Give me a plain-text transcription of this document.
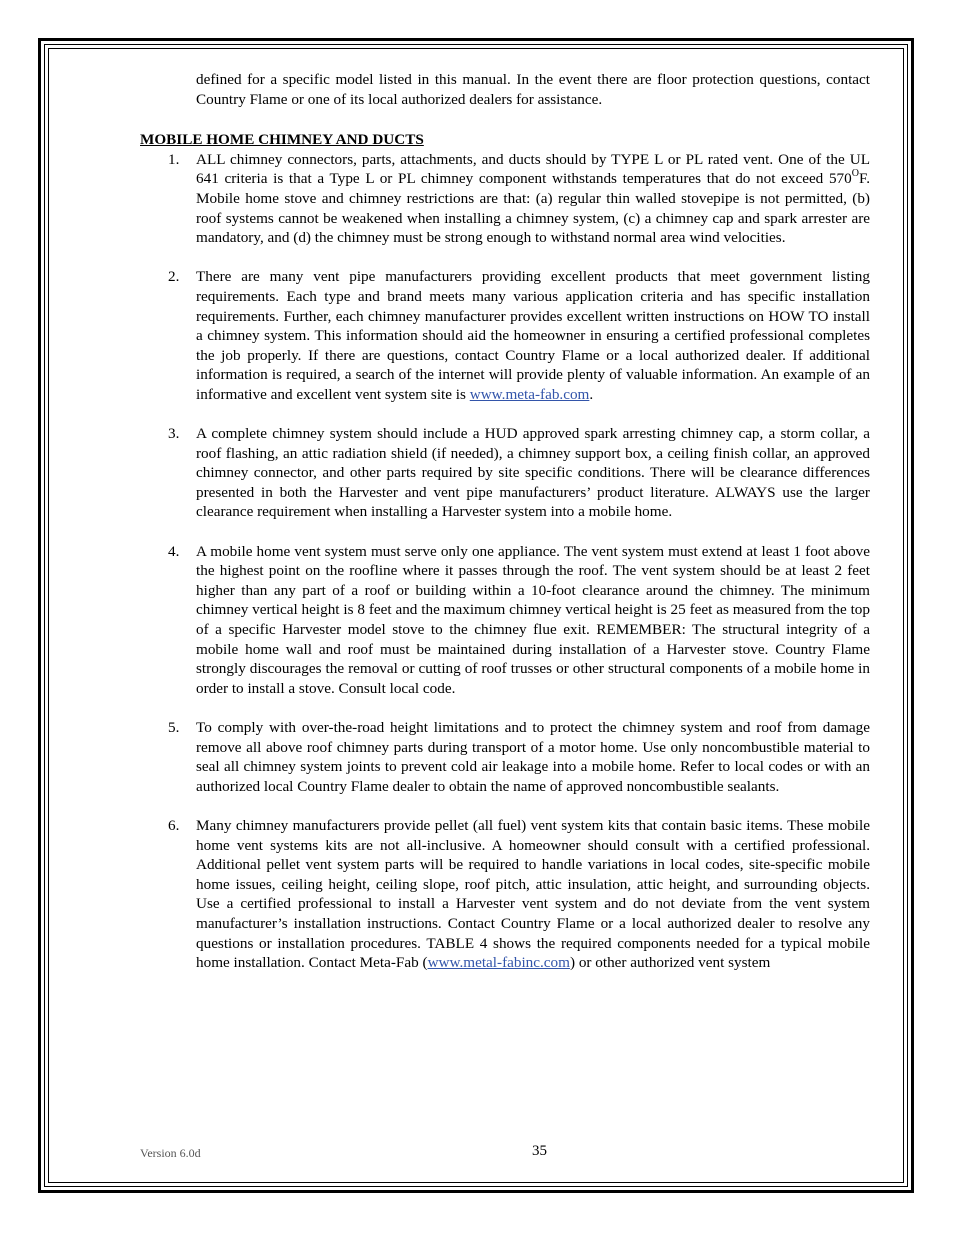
defined for a specific model listed in this manual. In the event there are floor protection questions, contact Country Flame or one of its local authorized dealers for assistance.

MOBILE HOME CHIMNEY AND DUCTS
1. ALL chimney connectors, parts, attachments, and ducts should by TYPE L or PL rated vent. One of the UL 641 criteria is that a Type L or PL chimney component withstands temperatures that do not exceed $570^OF$. Mobile home stove and chimney restrictions are that: (a) regular thin walled stovepipe is not permitted, (b) roof systems cannot be weakened when installing a chimney system, (c) a chimney cap and spark arrester are mandatory, and (d) the chimney must be strong enough to withstand normal area wind velocities.
2. There are many vent pipe manufacturers providing excellent products that meet government listing requirements. Each type and brand meets many various application criteria and has specific installation requirements. Further, each chimney manufacturer provides excellent written instructions on HOW TO install a chimney system. This information should aid the homeowner in ensuring a certified professional completes the job properly. If there are questions, contact Country Flame or a local authorized dealer. If additional information is required, a search of the internet will provide plenty of valuable information. An example of an informative and excellent vent system site is www.meta-fab.com.
3. A complete chimney system should include a HUD approved spark arresting chimney cap, a storm collar, a roof flashing, an attic radiation shield (if needed), a chimney support box, a ceiling finish collar, an approved chimney connector, and other parts required by site specific conditions. There will be clearance differences presented in both the Harvester and vent pipe manufacturers’ product literature. ALWAYS use the larger clearance requirement when installing a Harvester system into a mobile home.
4. A mobile home vent system must serve only one appliance. The vent system must extend at least 1 foot above the highest point on the roofline where it passes through the roof. The vent system should be at least 2 feet higher than any part of a roof or building within a 10-foot clearance around the chimney. The minimum chimney vertical height is 8 feet and the maximum chimney vertical height is 25 feet as measured from the top of a specific Harvester model stove to the chimney flue exit. REMEMBER: The structural integrity of a mobile home wall and roof must be maintained during installation of a Harvester stove. Country Flame strongly discourages the removal or cutting of roof trusses or other structural components of a mobile home in order to install a stove. Consult local code.
5. To comply with over-the-road height limitations and to protect the chimney system and roof from damage remove all above roof chimney parts during transport of a motor home. Use only noncombustible material to seal all chimney system joints to prevent cold air leakage into a mobile home. Refer to local codes or with an authorized local Country Flame dealer to obtain the name of approved noncombustible sealants.
6. Many chimney manufacturers provide pellet (all fuel) vent system kits that contain basic items. These mobile home vent systems kits are not all-inclusive. A homeowner should consult with a certified professional. Additional pellet vent system parts will be required to handle variations in local codes, site-specific mobile home issues, ceiling height, ceiling slope, roof pitch, attic insulation, attic height, and surrounding objects. Use a certified professional to install a Harvester vent system and do not deviate from the vent system manufacturer’s installation instructions. Contact Country Flame or a local authorized dealer to resolve any questions or installation procedures. TABLE 4 shows the required components needed for a typical mobile home installation. Contact Meta-Fab (www.metal-fabinc.com) or other authorized vent system
Version 6.0d	35
